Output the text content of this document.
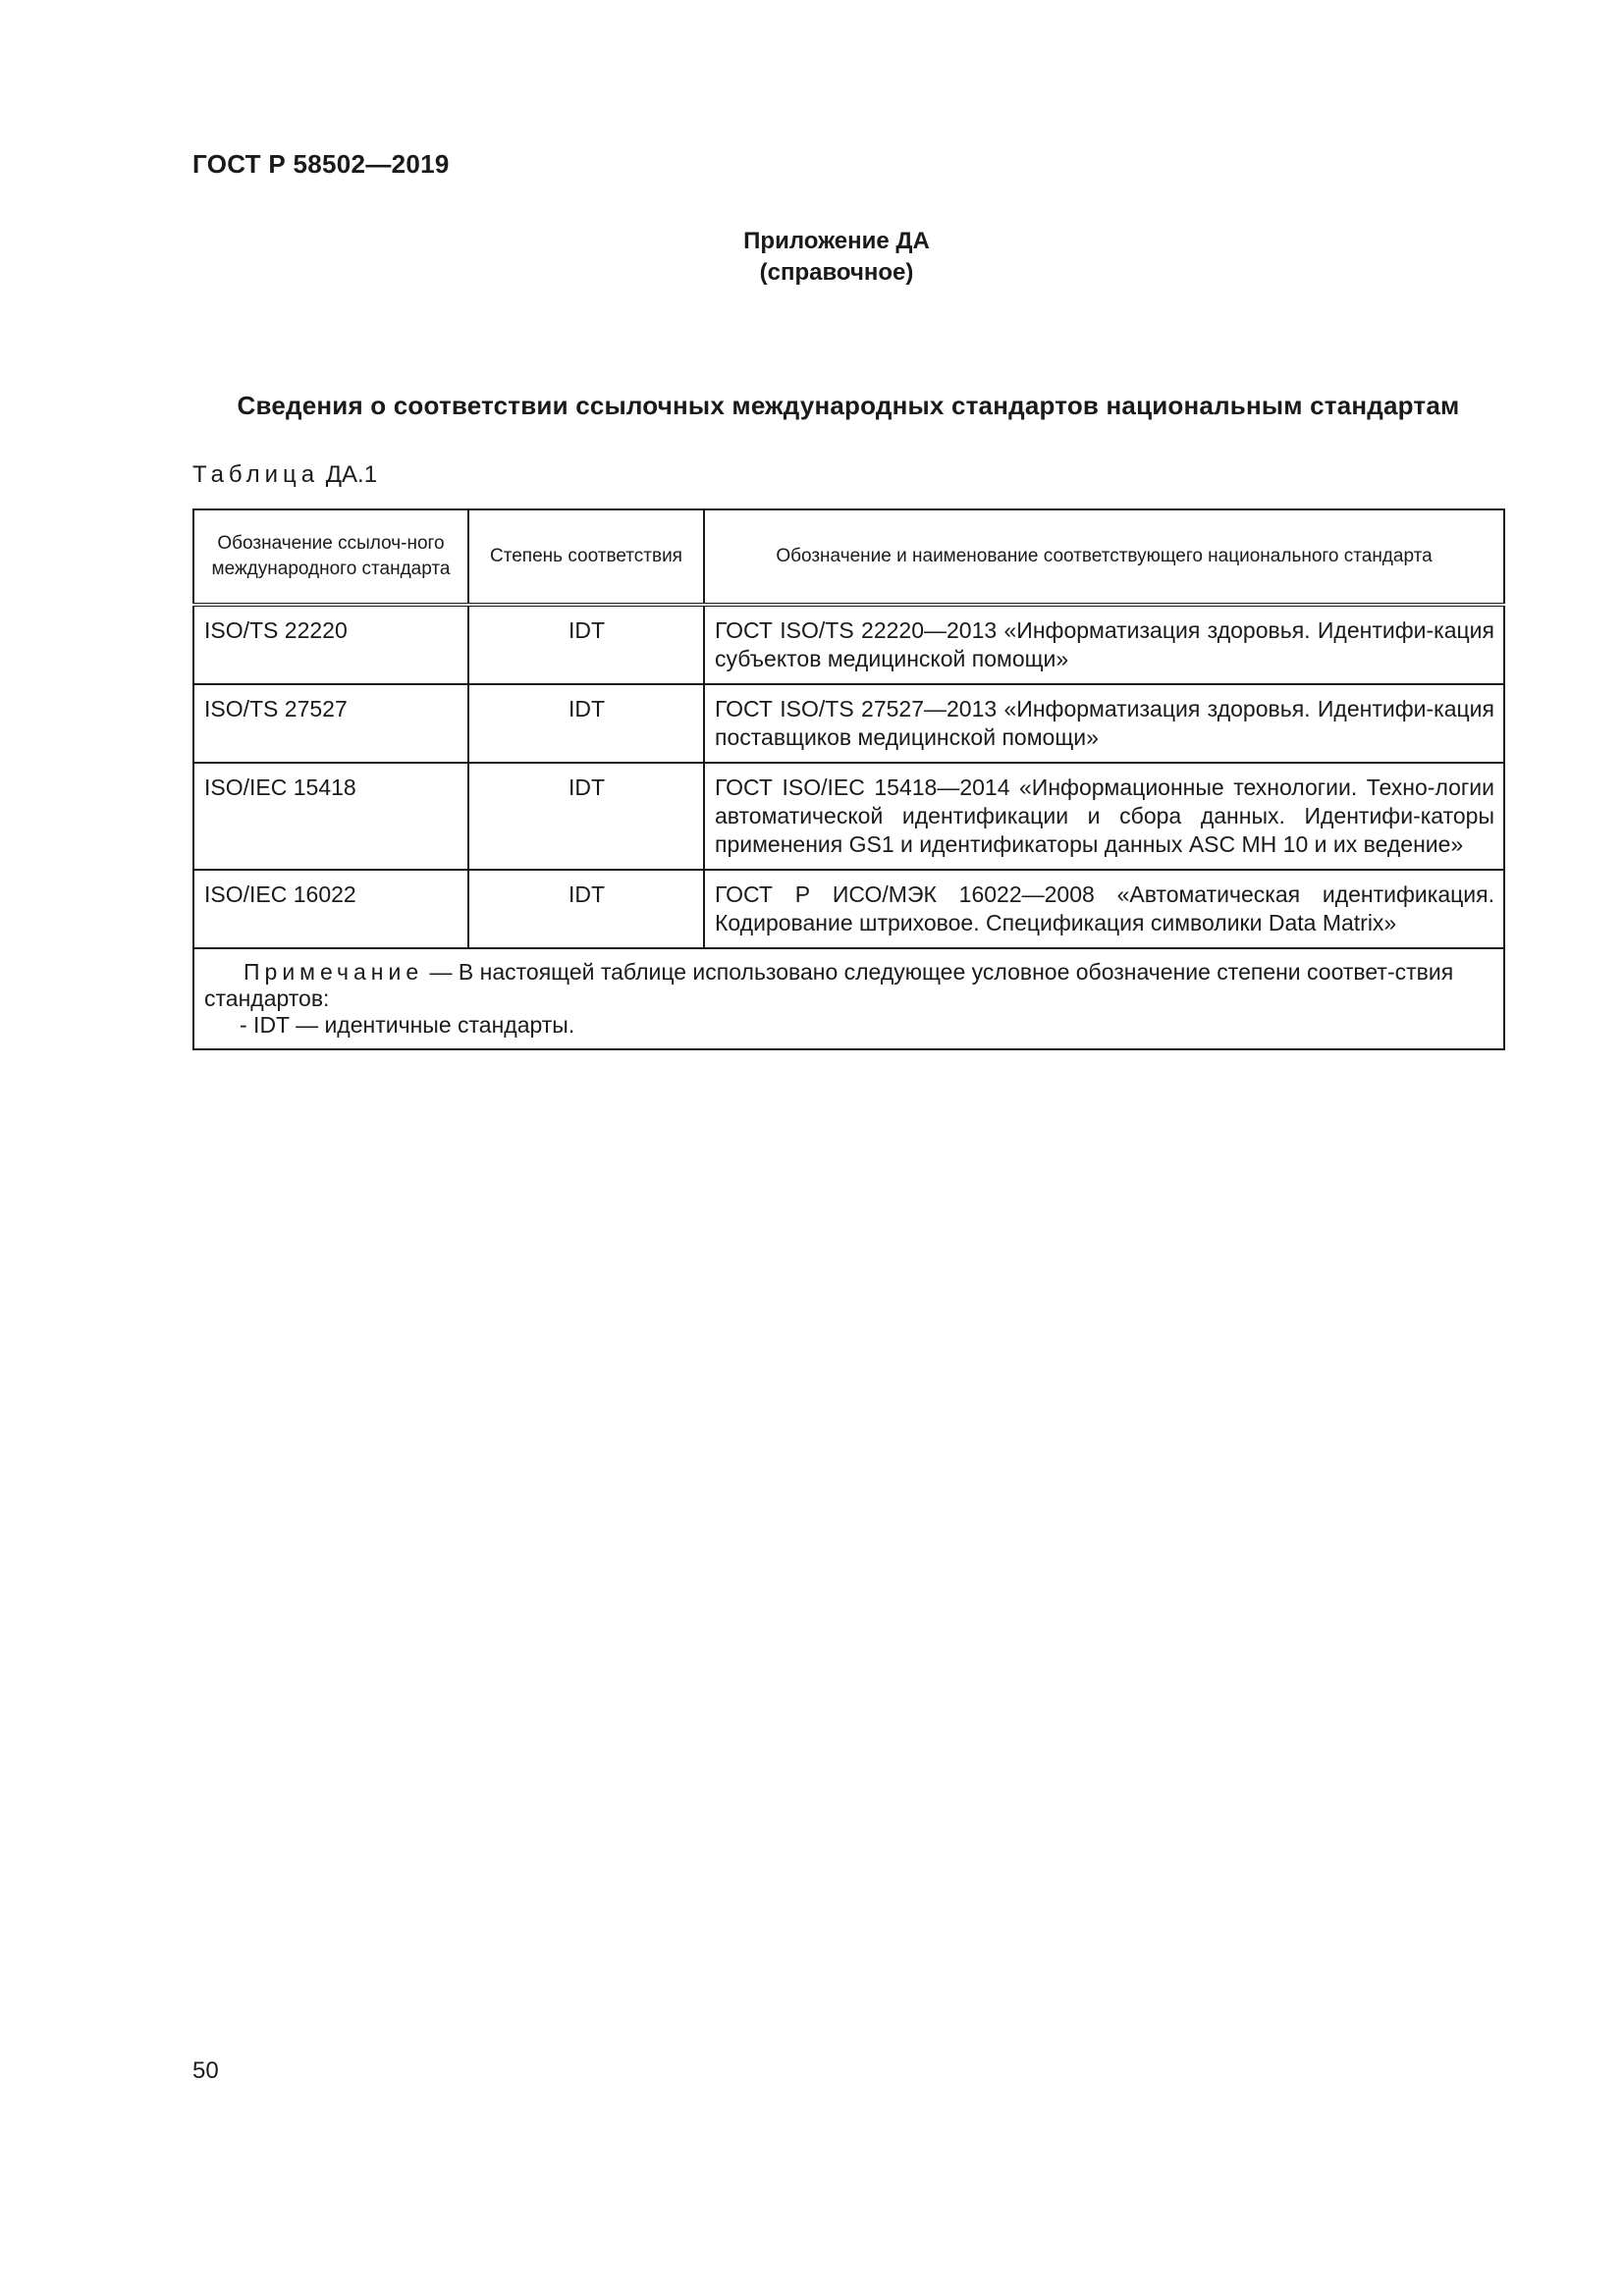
ГОСТ Р 58502—2019
Приложение ДА
(справочное)
Сведения о соответствии ссылочных международных стандартов национальным стандартам
Таблица ДА.1
Обозначение ссылоч-ного международного стандарта	Степень соответствия	Обозначение и наименование соответствующего национального стандарта
ISO/TS 22220	IDT	ГОСТ ISO/TS 22220—2013 «Информатизация здоровья. Идентифи-кация субъектов медицинской помощи»
ISO/TS 27527	IDT	ГОСТ ISO/TS 27527—2013 «Информатизация здоровья. Идентифи-кация поставщиков медицинской помощи»
ISO/IEC 15418	IDT	ГОСТ ISO/IEC 15418—2014 «Информационные технологии. Техно-логии автоматической идентификации и сбора данных. Идентифи-каторы применения GS1 и идентификаторы данных ASC MH 10 и их ведение»
ISO/IEC 16022	IDT	ГОСТ Р ИСО/МЭК 16022—2008 «Автоматическая идентификация. Кодирование штриховое. Спецификация символики Data Matrix»

Примечание — В настоящей таблице использовано следующее условное обозначение степени соответ-ствия стандартов:
- IDT — идентичные стандарты.		
50
